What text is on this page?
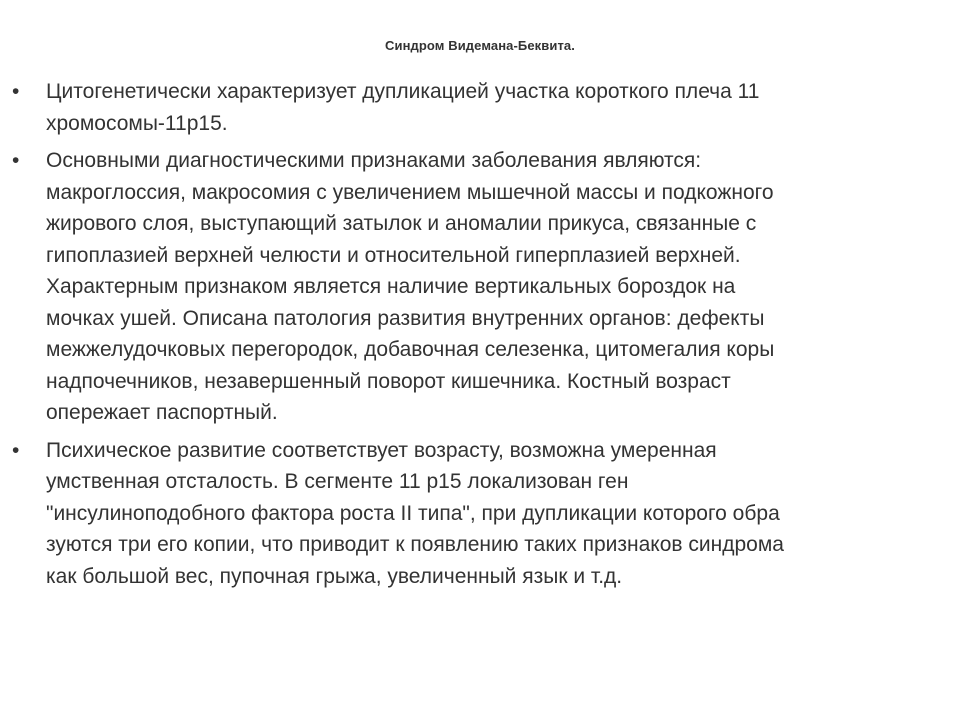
Синдром Видемана-Беквита.
•	Цитогенетически характеризует дупликацией участка короткого плеча 11
хромосомы-11р15.
•	Основными диагностическими признаками заболевания являются:
макроглоссия, макросомия с увеличением мышечной массы и подкожного
жирового слоя, выступающий затылок и аномалии прикуса, связанные с
гипоплазией верхней челюсти и относительной гиперплазией верхней.
Характерным признаком является наличие вертикальных бороздок на
мочках ушей. Описана патология развития внутренних органов: дефекты
межжелудочковых перегородок, добавочная селезенка, цитомегалия коры
надпочечников, незавершенный поворот кишечника. Костный возраст
опережает паспортный.
•	Психическое развитие соответствует возрасту, возможна умеренная
умственная отсталость. В сегменте 11 р15 локализован ген
"инсулиноподобного фактора роста II типа", при дупликации которого обра
зуются три его копии, что приводит к появлению таких признаков синдрома
как большой вес, пупочная грыжа, увеличенный язык и т.д.
